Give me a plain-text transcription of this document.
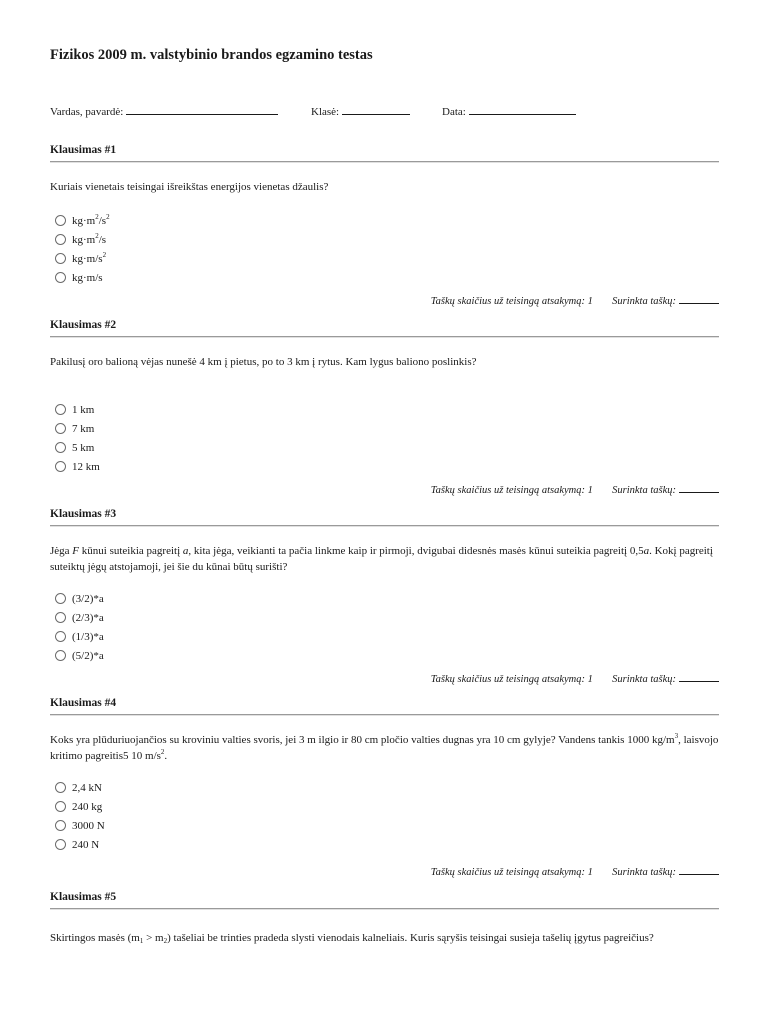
Fizikos 2009 m. valstybinio brandos egzamino testas
Vardas, pavardė:	Klasė:	Data:
Klausimas #1
Kuriais vienetais teisingai išreikštas energijos vienetas džaulis?
$kg\cdot m^2/s^2$
$kg\cdot m^2/s$
$kg\cdot m/s^2$
kg·m/s
Taškų skaičius už teisingą atsakymą: 1 Surinkta taškų:
Klausimas #2
Pakilusį oro balioną vėjas nunešė 4 km į pietus, po to 3 km į rytus. Kam lygus baliono poslinkis?
1 km
7 km
5 km
12 km
Taškų skaičius už teisingą atsakymą: 1 Surinkta taškų:
Klausimas #3
Jėga F kūnui suteikia pagreitį a, kita jėga, veikianti ta pačia linkme kaip ir pirmoji, dvigubai didesnės masės kūnui suteikia pagreitį 0,5a. Kokį pagreitį suteiktų jėgų atstojamoji, jei šie du kūnai būtų surišti?
(3/2)*a
(2/3)*a
(1/3)*a
(5/2)*a
Taškų skaičius už teisingą atsakymą: 1 Surinkta taškų:
Klausimas #4
Koks yra plūduriuojančios su kroviniu valties svoris, jei 3 m ilgio ir 80 cm pločio valties dugnas yra 10 cm gylyje? Vandens tankis 1000 $kg/m^3$, laisvojo kritimo pagreitis5 10 $m/s^2$.
2,4 kN
240 kg
3000 N
240 N
Taškų skaičius už teisingą atsakymą: 1 Surinkta taškų:
Klausimas #5
Skirtingos masės $(m_1 > m_2)$ tašeliai be trinties pradeda slysti vienodais kalneliais. Kuris sąryšis teisingai susieja tašelių įgytus pagreičius?
